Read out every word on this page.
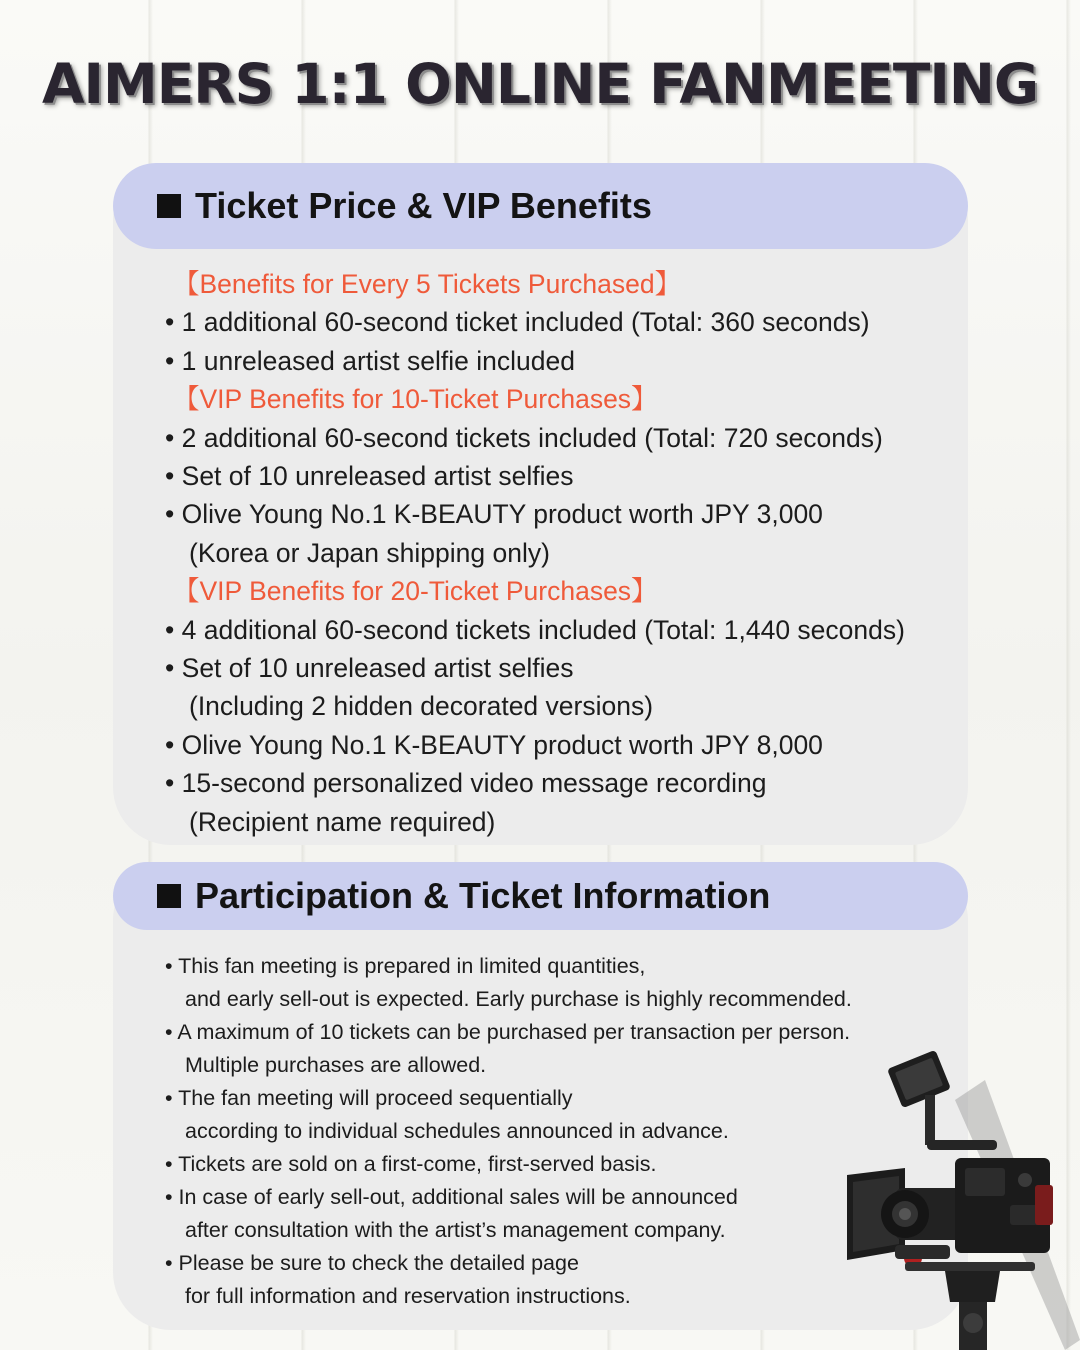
AIMERS 1:1 ONLINE FANMEETING
Ticket Price & VIP Benefits
【Benefits for Every 5 Tickets Purchased】
• 1 additional 60-second ticket included (Total: 360 seconds)
• 1 unreleased artist selfie included
【VIP Benefits for 10-Ticket Purchases】
• 2 additional 60-second tickets included (Total: 720 seconds)
• Set of 10 unreleased artist selfies
• Olive Young No.1 K-BEAUTY product worth JPY 3,000
(Korea or Japan shipping only)
【VIP Benefits for 20-Ticket Purchases】
• 4 additional 60-second tickets included (Total: 1,440 seconds)
• Set of 10 unreleased artist selfies
(Including 2 hidden decorated versions)
• Olive Young No.1 K-BEAUTY product worth JPY 8,000
• 15-second personalized video message recording
(Recipient name required)
Participation & Ticket Information
• This fan meeting is prepared in limited quantities,
and early sell-out is expected. Early purchase is highly recommended.
• A maximum of 10 tickets can be purchased per transaction per person.
Multiple purchases are allowed.
• The fan meeting will proceed sequentially
according to individual schedules announced in advance.
• Tickets are sold on a first-come, first-served basis.
• In case of early sell-out, additional sales will be announced
after consultation with the artist’s management company.
• Please be sure to check the detailed page
for full information and reservation instructions.
